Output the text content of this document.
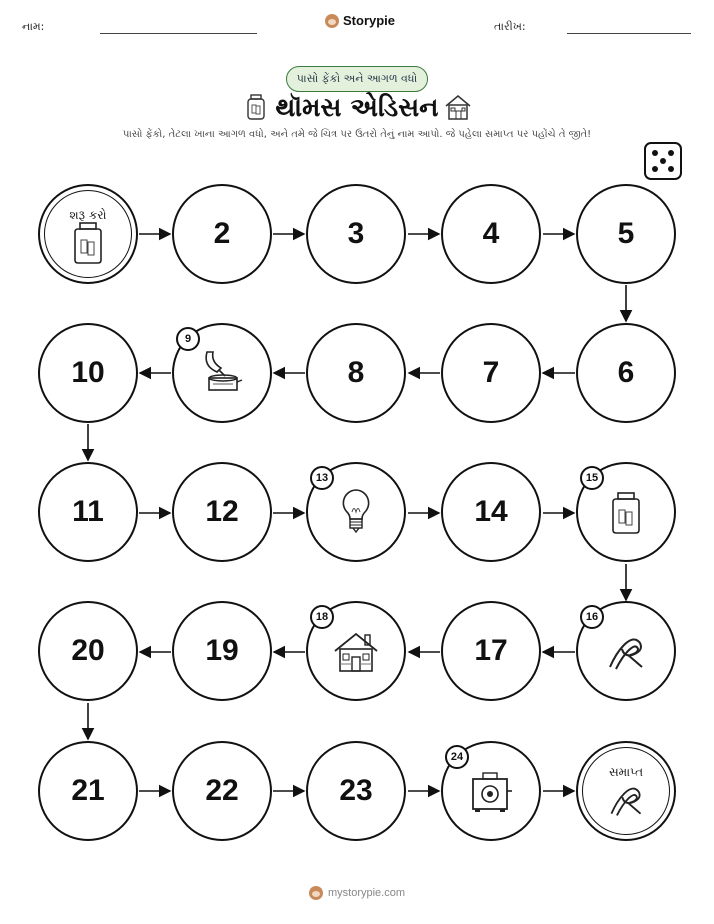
નામ:	Storypie	તારીખ:
પાસો ફેંકો અને આગળ વધો
થૉમસ એડિસન
પાસો ફેંકો, તેટલા ખાના આગળ વધો, અને તમે જે ચિત્ર પર ઉતરો તેનું નામ આપો. જે પહેલા સમાપ્ત પર પહોંચે તે જીતે!
શરૂ કરો
2	3	4	5
10
9
8	7	6
11	12
13
14
15
20	19
18
17
16
21	22	23
24
સમાપ્ત
mystorypie.com
